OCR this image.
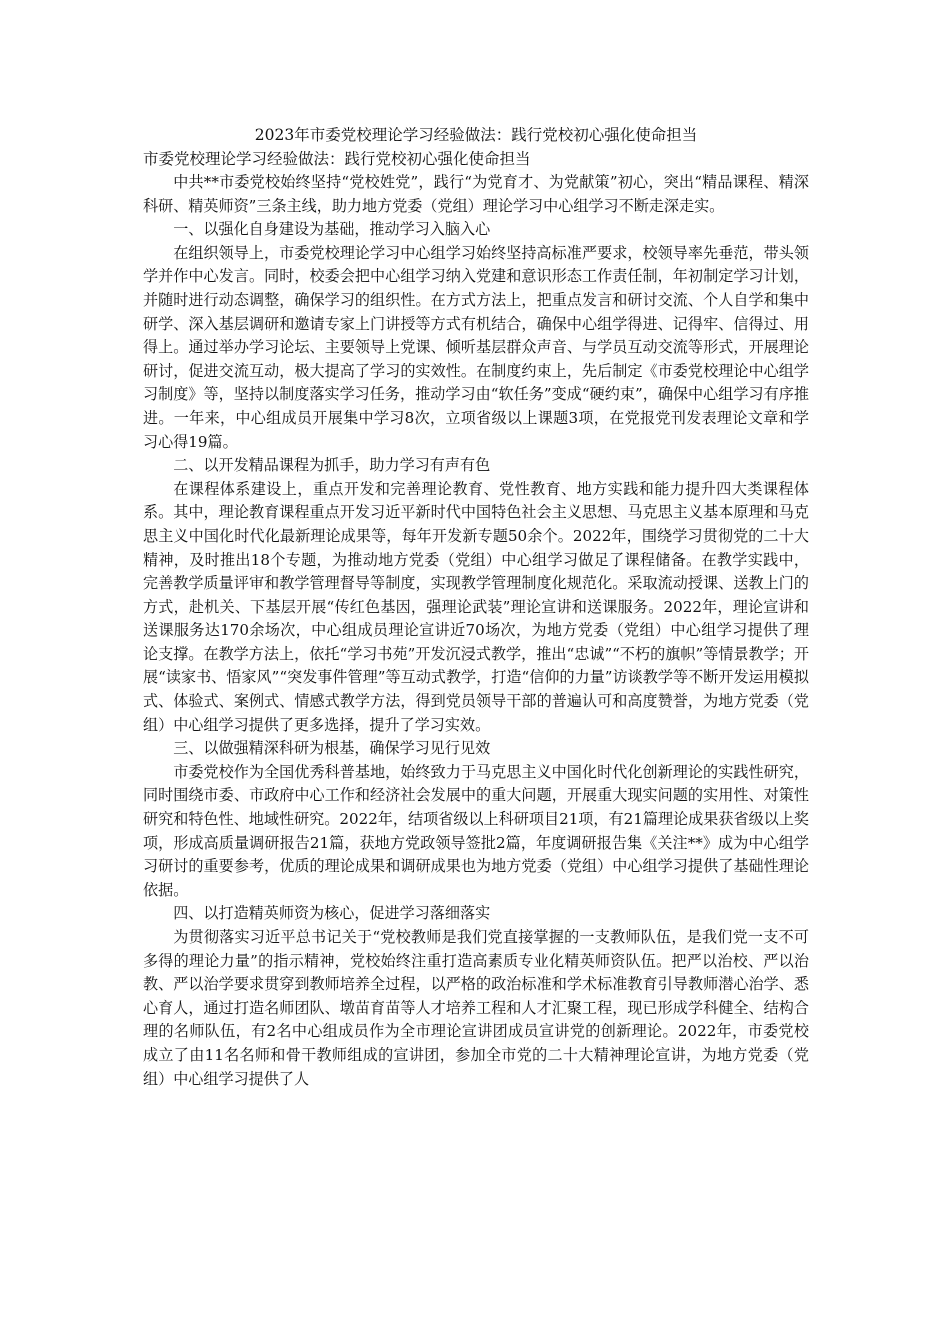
2023年市委党校理论学习经验做法：践行党校初心强化使命担当

市委党校理论学习经验做法：践行党校初心强化使命担当

中共**市委党校始终坚持“党校姓党”，践行“为党育才、为党献策”初心，突出“精品课程、精深科研、精英师资”三条主线，助力地方党委（党组）理论学习中心组学习不断走深走实。

一、以强化自身建设为基础，推动学习入脑入心

在组织领导上，市委党校理论学习中心组学习始终坚持高标准严要求，校领导率先垂范，带头领学并作中心发言。同时，校委会把中心组学习纳入党建和意识形态工作责任制，年初制定学习计划，并随时进行动态调整，确保学习的组织性。在方式方法上，把重点发言和研讨交流、个人自学和集中研学、深入基层调研和邀请专家上门讲授等方式有机结合，确保中心组学得进、记得牢、信得过、用得上。通过举办学习论坛、主要领导上党课、倾听基层群众声音、与学员互动交流等形式，开展理论研讨，促进交流互动，极大提高了学习的实效性。在制度约束上，先后制定《市委党校理论中心组学习制度》等，坚持以制度落实学习任务，推动学习由“软任务”变成“硬约束”，确保中心组学习有序推进。一年来，中心组成员开展集中学习8次，立项省级以上课题3项，在党报党刊发表理论文章和学习心得19篇。

二、以开发精品课程为抓手，助力学习有声有色

在课程体系建设上，重点开发和完善理论教育、党性教育、地方实践和能力提升四大类课程体系。其中，理论教育课程重点开发习近平新时代中国特色社会主义思想、马克思主义基本原理和马克思主义中国化时代化最新理论成果等，每年开发新专题50余个。2022年，围绕学习贯彻党的二十大精神，及时推出18个专题，为推动地方党委（党组）中心组学习做足了课程储备。在教学实践中，完善教学质量评审和教学管理督导等制度，实现教学管理制度化规范化。采取流动授课、送教上门的方式，赴机关、下基层开展“传红色基因，强理论武装”理论宣讲和送课服务。2022年，理论宣讲和送课服务达170余场次，中心组成员理论宣讲近70场次，为地方党委（党组）中心组学习提供了理论支撑。在教学方法上，依托“学习书苑”开发沉浸式教学，推出“忠诚”“不朽的旗帜”等情景教学；开展“读家书、悟家风”“突发事件管理”等互动式教学，打造“信仰的力量”访谈教学等不断开发运用模拟式、体验式、案例式、情感式教学方法，得到党员领导干部的普遍认可和高度赞誉，为地方党委（党组）中心组学习提供了更多选择，提升了学习实效。

三、以做强精深科研为根基，确保学习见行见效

市委党校作为全国优秀科普基地，始终致力于马克思主义中国化时代化创新理论的实践性研究，同时围绕市委、市政府中心工作和经济社会发展中的重大问题，开展重大现实问题的实用性、对策性研究和特色性、地域性研究。2022年，结项省级以上科研项目21项，有21篇理论成果获省级以上奖项，形成高质量调研报告21篇，获地方党政领导签批2篇，年度调研报告集《关注**》成为中心组学习研讨的重要参考，优质的理论成果和调研成果也为地方党委（党组）中心组学习提供了基础性理论依据。

四、以打造精英师资为核心，促进学习落细落实

为贯彻落实习近平总书记关于“党校教师是我们党直接掌握的一支教师队伍，是我们党一支不可多得的理论力量”的指示精神，党校始终注重打造高素质专业化精英师资队伍。把严以治校、严以治教、严以治学要求贯穿到教师培养全过程，以严格的政治标准和学术标准教育引导教师潜心治学、悉心育人，通过打造名师团队、墩苗育苗等人才培养工程和人才汇聚工程，现已形成学科健全、结构合理的名师队伍，有2名中心组成员作为全市理论宣讲团成员宣讲党的创新理论。2022年，市委党校成立了由11名名师和骨干教师组成的宣讲团，参加全市党的二十大精神理论宣讲，为地方党委（党组）中心组学习提供了人
